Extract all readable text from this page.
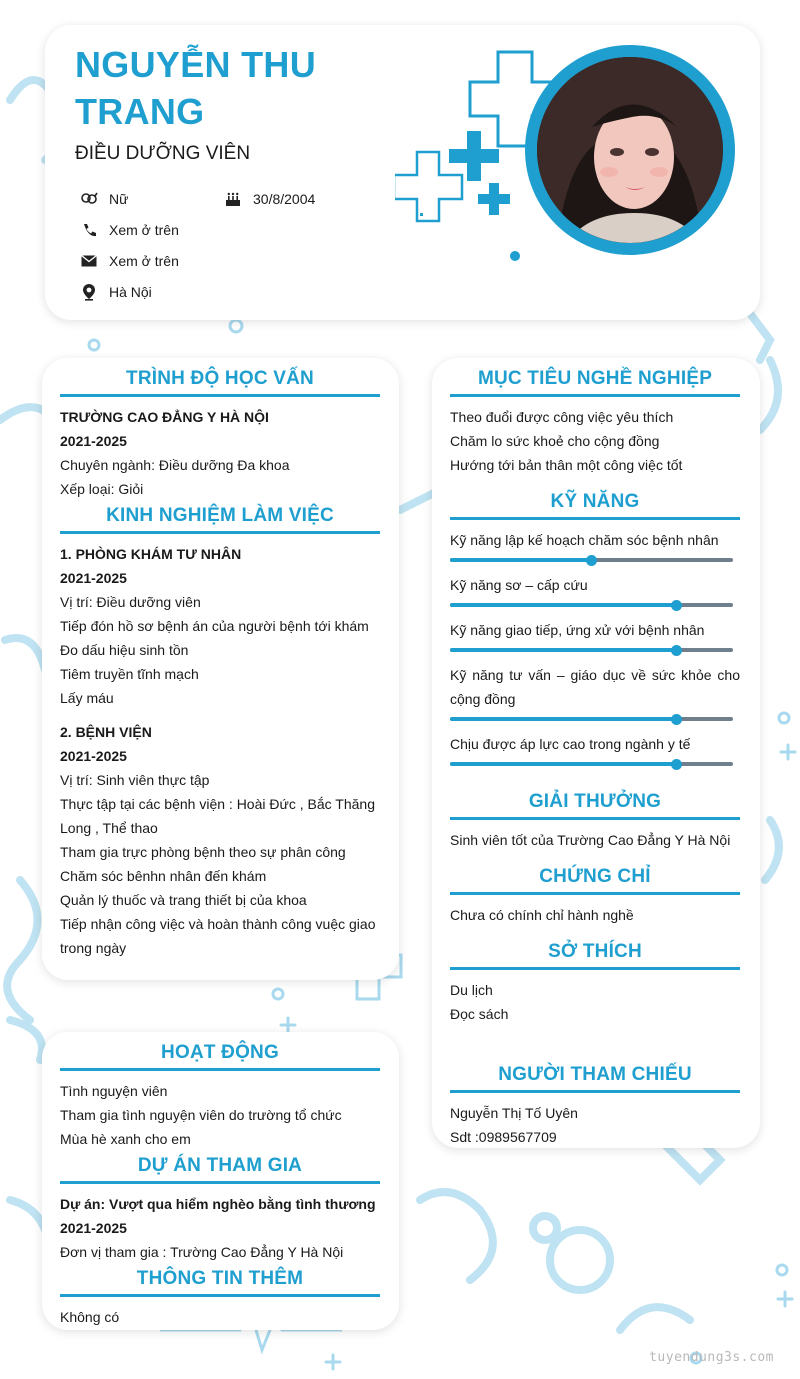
NGUYỄN THU TRANG
ĐIỀU DƯỠNG VIÊN
Nữ	30/8/2004
Xem ở trên
Xem ở trên
Hà Nội
TRÌNH ĐỘ HỌC VẤN
TRƯỜNG CAO ĐẲNG Y HÀ NỘI
2021-2025
Chuyên ngành: Điều dưỡng Đa khoa
Xếp loại: Giỏi
KINH NGHIỆM LÀM VIỆC
1. PHÒNG KHÁM TƯ NHÂN
2021-2025
Vị trí: Điều dưỡng viên
Tiếp đón hồ sơ bệnh án của người bệnh tới khám
Đo dấu hiệu sinh tồn
Tiêm truyền tĩnh mạch
Lấy máu
2. BỆNH VIỆN
2021-2025
Vị trí: Sinh viên thực tập
Thực tập tại các bệnh viện : Hoài Đức , Bắc Thăng Long , Thể thao
Tham gia trực phòng bệnh theo sự phân công
Chăm sóc bênhn nhân đến khám
Quản lý thuốc và trang thiết bị của khoa
Tiếp nhận công việc và hoàn thành công vuệc giao trong ngày
HOẠT ĐỘNG
Tình nguyện viên
Tham gia tình nguyện viên do trường tổ chức
Mùa hè xanh cho em
DỰ ÁN THAM GIA
Dự án: Vượt qua hiểm nghèo bằng tình thương
2021-2025
Đơn vị tham gia : Trường Cao Đẳng Y Hà Nội
THÔNG TIN THÊM
Không có
MỤC TIÊU NGHỀ NGHIỆP
Theo đuổi được công việc yêu thích
Chăm lo sức khoẻ cho cộng đồng
Hướng tới bản thân một công việc tốt
KỸ NĂNG
Kỹ năng lập kế hoạch chăm sóc bệnh nhân
Kỹ năng sơ – cấp cứu
Kỹ năng giao tiếp, ứng xử với bệnh nhân
Kỹ năng tư vấn – giáo dục về sức khỏe cho cộng đồng
Chịu được áp lực cao trong ngành y tế
GIẢI THƯỞNG
Sinh viên tốt của Trường Cao Đẳng Y Hà Nội
CHỨNG CHỈ
Chưa có chính chỉ hành nghề
SỞ THÍCH
Du lịch
Đọc sách
NGƯỜI THAM CHIẾU
Nguyễn Thị Tố Uyên
Sdt :0989567709
tuyendung3s.com
